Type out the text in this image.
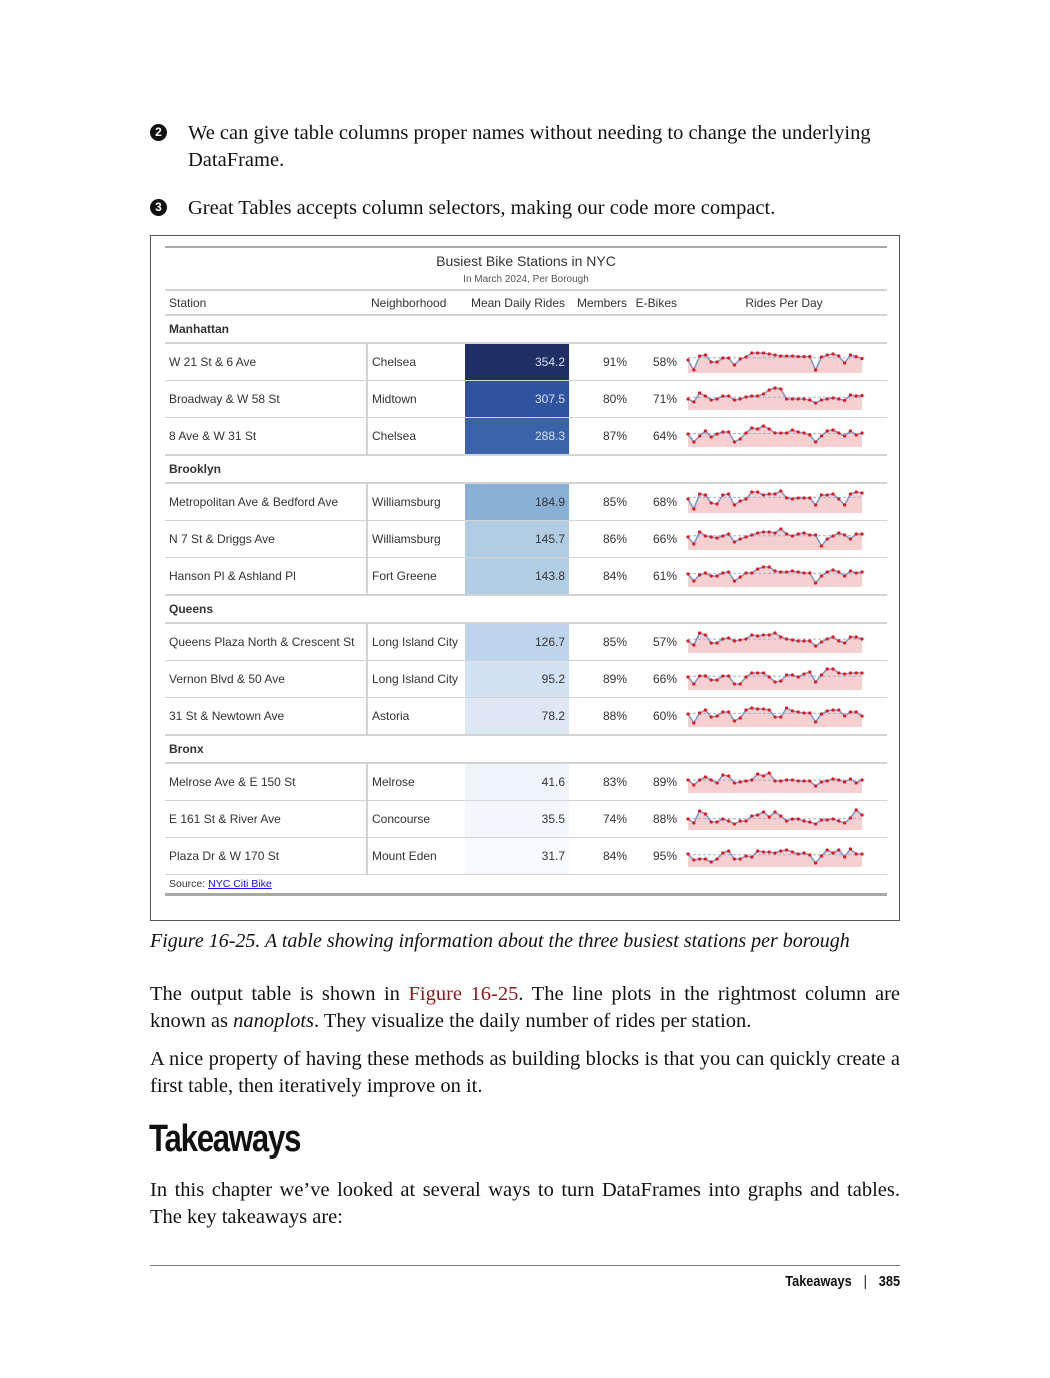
2 We can give table columns proper names without needing to change the underlying DataFrame.
3 Great Tables accepts column selectors, making our code more compact.
Busiest Bike Stations in NYC
In March 2024, Per Borough
Station	Neighborhood	Mean Daily Rides	Members	E-Bikes	Rides Per Day
Manhattan					
W 21 St & 6 Ave	Chelsea	354.2	91%	58%	
Broadway & W 58 St	Midtown	307.5	80%	71%	
8 Ave & W 31 St	Chelsea	288.3	87%	64%	
Brooklyn					
Metropolitan Ave & Bedford Ave	Williamsburg	184.9	85%	68%	
N 7 St & Driggs Ave	Williamsburg	145.7	86%	66%	
Hanson Pl & Ashland Pl	Fort Greene	143.8	84%	61%	
Queens					
Queens Plaza North & Crescent St	Long Island City	126.7	85%	57%	
Vernon Blvd & 50 Ave	Long Island City	95.2	89%	66%	
31 St & Newtown Ave	Astoria	78.2	88%	60%	
Bronx					
Melrose Ave & E 150 St	Melrose	41.6	83%	89%	
E 161 St & River Ave	Concourse	35.5	74%	88%	
Plaza Dr & W 170 St	Mount Eden	31.7	84%	95%	
Source: NYC Citi Bike
Figure 16-25. A table showing information about the three busiest stations per borough
The output table is shown in Figure 16-25. The line plots in the rightmost column are known as nanoplots. They visualize the daily number of rides per station.
A nice property of having these methods as building blocks is that you can quickly create a first table, then iteratively improve on it.
Takeaways
In this chapter we’ve looked at several ways to turn DataFrames into graphs and tables. The key takeaways are:
Takeaways | 385
